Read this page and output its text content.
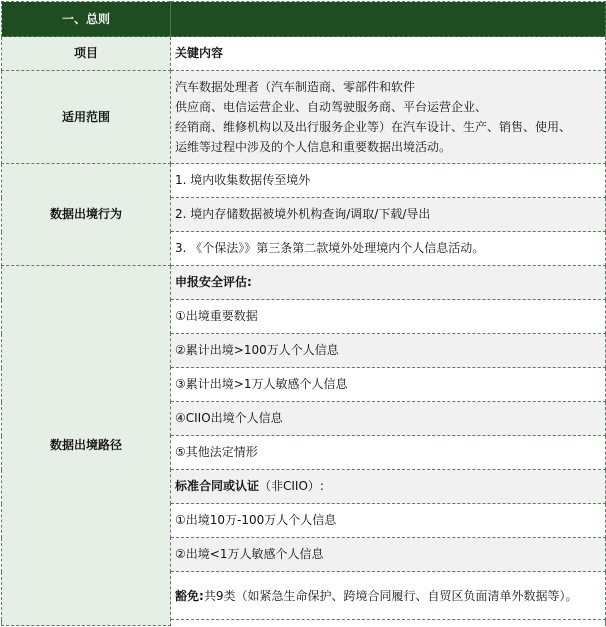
一、总则	
项目	关键内容
适用范围	汽车数据处理者（汽车制造商、零部件和软件
供应商、电信运营企业、自动驾驶服务商、平台运营企业、
经销商、维修机构以及出行服务企业等）在汽车设计、生产、销售、使用、
运维等过程中涉及的个人信息和重要数据出境活动。

数据出境行为	1. 境内收集数据传至境外
	2. 境内存储数据被境外机构查询/调取/下载/导出
	3. 《个保法》》第三条第二款境外处理境内个人信息活动。
数据出境路径	申报安全评估:
	①出境重要数据
	②累计出境>100万人个人信息
	③累计出境>1万人敏感个人信息
	④CIIO出境个人信息
	⑤其他法定情形
	标准合同或认证（非CIIO）:
	①出境10万-100万人个人信息
	②出境<1万人敏感个人信息
	豁免:共9类（如紧急生命保护、跨境合同履行、自贸区负面清单外数据等）。
